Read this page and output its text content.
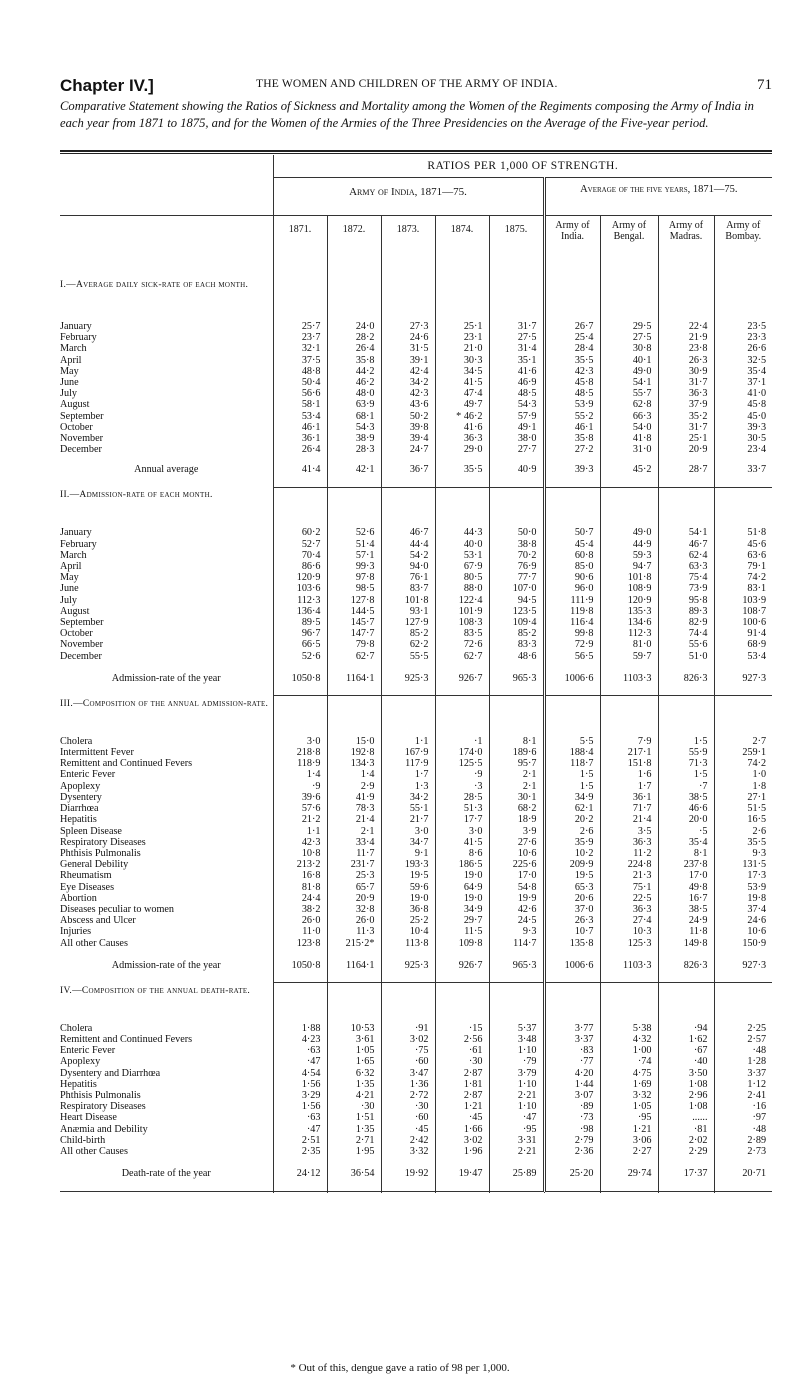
Chapter IV.]	THE WOMEN AND CHILDREN OF THE ARMY OF INDIA.	71
Comparative Statement showing the Ratios of Sickness and Mortality among the Women of the Regiments composing the Army of India in each year from 1871 to 1875, and for the Women of the Armies of the Three Presidencies on the Average of the Five-year period.
	RATIOS PER 1,000 OF STRENGTH.								
	Army of India, 1871—75.					Average of the five years, 1871—75.			
	1871.	1872.	1873.	1874.	1875.	Army of India.	Army of Bengal.	Army of Madras.	Army of Bombay.
I.—Average daily sick-rate of each month.									
January	25·7	24·0	27·3	25·1	31·7	26·7	29·5	22·4	23·5
February	23·7	28·2	24·6	23·1	27·5	25·4	27·5	21·9	23·3
March	32·1	26·4	31·5	21·0	31·4	28·4	30·8	23·8	26·6
April	37·5	35·8	39·1	30·3	35·1	35·5	40·1	26·3	32·5
May	48·8	44·2	42·4	34·5	41·6	42·3	49·0	30·9	35·4
June	50·4	46·2	34·2	41·5	46·9	45·8	54·1	31·7	37·1
July	56·6	48·0	42·3	47·4	48·5	48·5	55·7	36·3	41·0
August	58·1	63·9	43·6	49·7	54·3	53·9	62·8	37·9	45·8
September	53·4	68·1	50·2	* 46·2	57·9	55·2	66·3	35·2	45·0
October	46·1	54·3	39·8	41·6	49·1	46·1	54·0	31·7	39·3
November	36·1	38·9	39·4	36·3	38·0	35·8	41·8	25·1	30·5
December	26·4	28·3	24·7	29·0	27·7	27·2	31·0	20·9	23·4

Annual average	41·4	42·1	36·7	35·5	40·9	39·3	45·2	28·7	33·7
II.—Admission-rate of each month.									
January	60·2	52·6	46·7	44·3	50·0	50·7	49·0	54·1	51·8
February	52·7	51·4	44·4	40·0	38·8	45·4	44·9	46·7	45·6
March	70·4	57·1	54·2	53·1	70·2	60·8	59·3	62·4	63·6
April	86·6	99·3	94·0	67·9	76·9	85·0	94·7	63·3	79·1
May	120·9	97·8	76·1	80·5	77·7	90·6	101·8	75·4	74·2
June	103·6	98·5	83·7	88·0	107·0	96·0	108·9	73·9	83·1
July	112·3	127·8	101·8	122·4	94·5	111·9	120·9	95·8	103·9
August	136·4	144·5	93·1	101·9	123·5	119·8	135·3	89·3	108·7
September	89·5	145·7	127·9	108·3	109·4	116·4	134·6	82·9	100·6
October	96·7	147·7	85·2	83·5	85·2	99·8	112·3	74·4	91·4
November	66·5	79·8	62·2	72·6	83·3	72·9	81·0	55·6	68·9
December	52·6	62·7	55·5	62·7	48·6	56·5	59·7	51·0	53·4

Admission-rate of the year	1050·8	1164·1	925·3	926·7	965·3	1006·6	1103·3	826·3	927·3
III.—Composition of the annual admission-rate.									
Cholera	3·0	15·0	1·1	·1	8·1	5·5	7·9	1·5	2·7
Intermittent Fever	218·8	192·8	167·9	174·0	189·6	188·4	217·1	55·9	259·1
Remittent and Continued Fevers	118·9	134·3	117·9	125·5	95·7	118·7	151·8	71·3	74·2
Enteric Fever	1·4	1·4	1·7	·9	2·1	1·5	1·6	1·5	1·0
Apoplexy	·9	2·9	1·3	·3	2·1	1·5	1·7	·7	1·8
Dysentery	39·6	41·9	34·2	28·5	30·1	34·9	36·1	38·5	27·1
Diarrhœa	57·6	78·3	55·1	51·3	68·2	62·1	71·7	46·6	51·5
Hepatitis	21·2	21·4	21·7	17·7	18·9	20·2	21·4	20·0	16·5
Spleen Disease	1·1	2·1	3·0	3·0	3·9	2·6	3·5	·5	2·6
Respiratory Diseases	42·3	33·4	34·7	41·5	27·6	35·9	36·3	35·4	35·5
Phthisis Pulmonalis	10·8	11·7	9·1	8·6	10·6	10·2	11·2	8·1	9·3
General Debility	213·2	231·7	193·3	186·5	225·6	209·9	224·8	237·8	131·5
Rheumatism	16·8	25·3	19·5	19·0	17·0	19·5	21·3	17·0	17·3
Eye Diseases	81·8	65·7	59·6	64·9	54·8	65·3	75·1	49·8	53·9
Abortion	24·4	20·9	19·0	19·0	19·9	20·6	22·5	16·7	19·8
Diseases peculiar to women	38·2	32·8	36·8	34·9	42·6	37·0	36·3	38·5	37·4
Abscess and Ulcer	26·0	26·0	25·2	29·7	24·5	26·3	27·4	24·9	24·6
Injuries	11·0	11·3	10·4	11·5	9·3	10·7	10·3	11·8	10·6
All other Causes	123·8	215·2*	113·8	109·8	114·7	135·8	125·3	149·8	150·9

Admission-rate of the year	1050·8	1164·1	925·3	926·7	965·3	1006·6	1103·3	826·3	927·3
IV.—Composition of the annual death-rate.									
Cholera	1·88	10·53	·91	·15	5·37	3·77	5·38	·94	2·25
Remittent and Continued Fevers	4·23	3·61	3·02	2·56	3·48	3·37	4·32	1·62	2·57
Enteric Fever	·63	1·05	·75	·61	1·10	·83	1·00	·67	·48
Apoplexy	·47	1·65	·60	·30	·79	·77	·74	·40	1·28
Dysentery and Diarrhœa	4·54	6·32	3·47	2·87	3·79	4·20	4·75	3·50	3·37
Hepatitis	1·56	1·35	1·36	1·81	1·10	1·44	1·69	1·08	1·12
Phthisis Pulmonalis	3·29	4·21	2·72	2·87	2·21	3·07	3·32	2·96	2·41
Respiratory Diseases	1·56	·30	·30	1·21	1·10	·89	1·05	1·08	·16
Heart Disease	·63	1·51	·60	·45	·47	·73	·95	......	·97
Anæmia and Debility	·47	1·35	·45	1·66	·95	·98	1·21	·81	·48
Child-birth	2·51	2·71	2·42	3·02	3·31	2·79	3·06	2·02	2·89
All other Causes	2·35	1·95	3·32	1·96	2·21	2·36	2·27	2·29	2·73

Death-rate of the year	24·12	36·54	19·92	19·47	25·89	25·20	29·74	17·37	20·71

* Out of this, dengue gave a ratio of 98 per 1,000.
